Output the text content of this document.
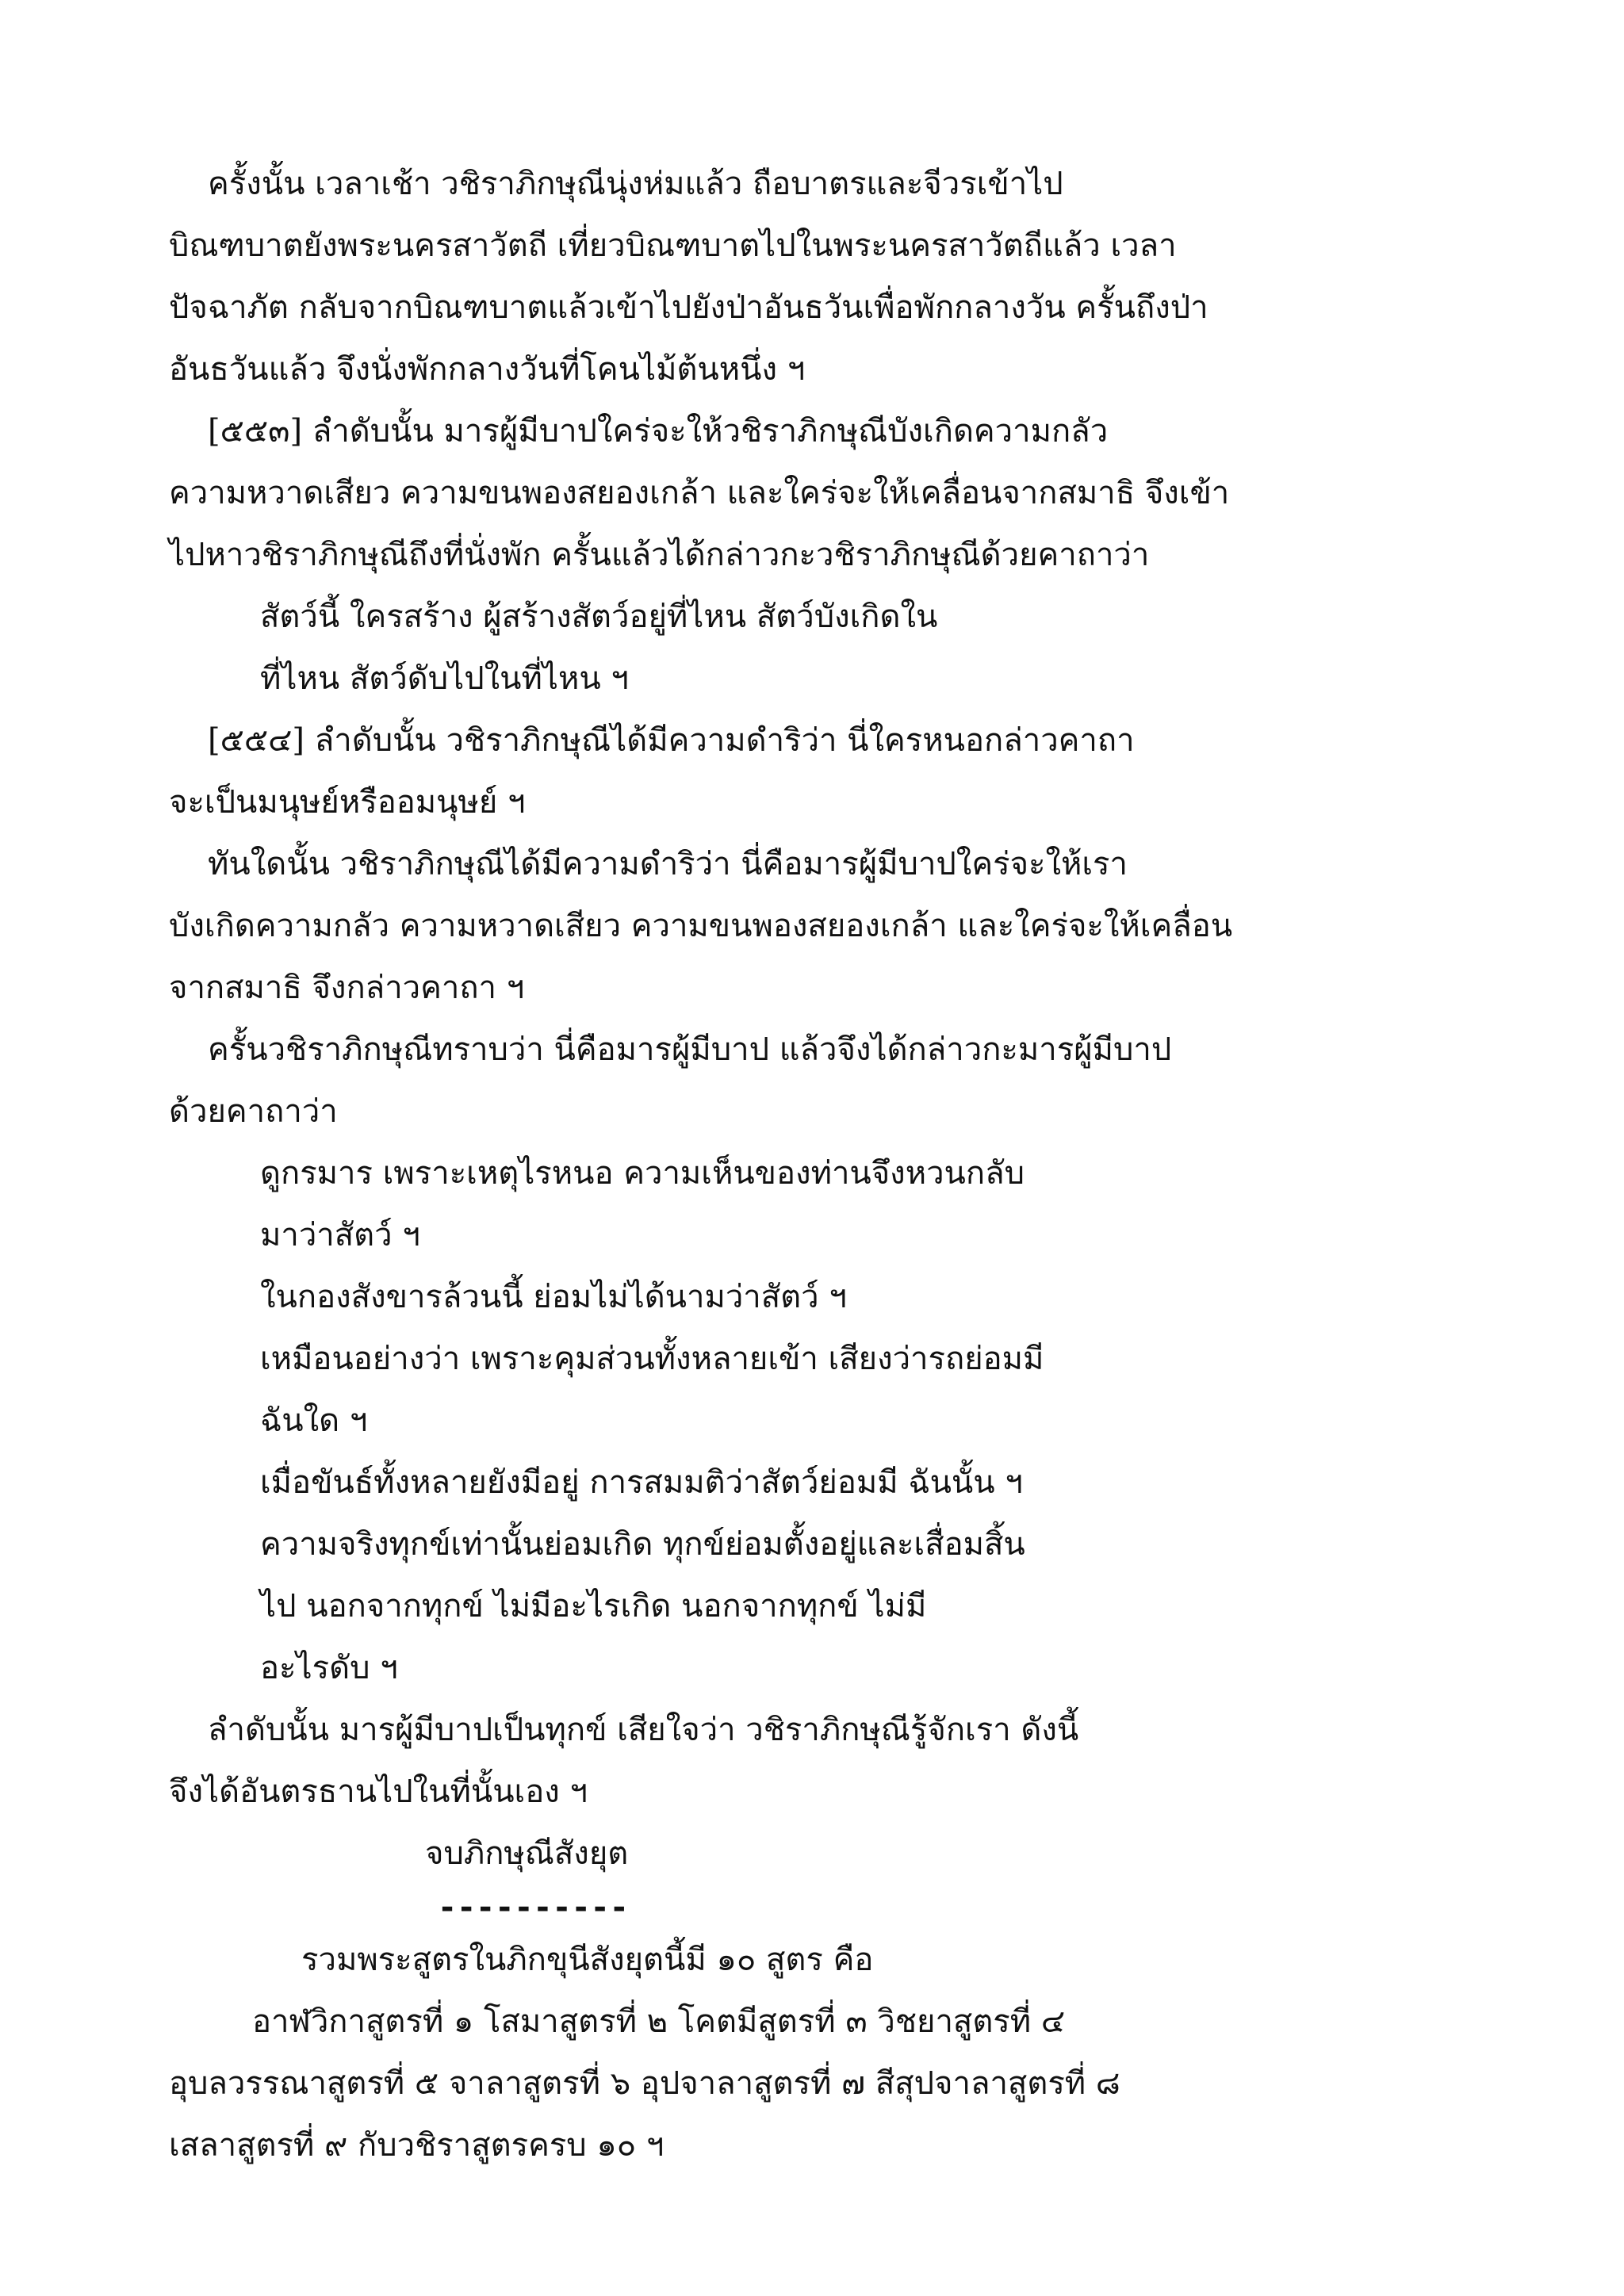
ครั้งนั้น เวลาเช้า วชิราภิกษุณีนุ่งห่มแล้ว ถือบาตรและจีวรเข้าไป
บิณฑบาตยังพระนครสาวัตถี เที่ยวบิณฑบาตไปในพระนครสาวัตถีแล้ว เวลา
ปัจฉาภัต กลับจากบิณฑบาตแล้วเข้าไปยังป่าอันธวันเพื่อพักกลางวัน ครั้นถึงป่า
อันธวันแล้ว จึงนั่งพักกลางวันที่โคนไม้ต้นหนึ่ง ฯ
[๕๕๓] ลำดับนั้น มารผู้มีบาปใคร่จะให้วชิราภิกษุณีบังเกิดความกลัว
ความหวาดเสียว ความขนพองสยองเกล้า และใคร่จะให้เคลื่อนจากสมาธิ จึงเข้า
ไปหาวชิราภิกษุณีถึงที่นั่งพัก ครั้นแล้วได้กล่าวกะวชิราภิกษุณีด้วยคาถาว่า
สัตว์นี้ ใครสร้าง ผู้สร้างสัตว์อยู่ที่ไหน สัตว์บังเกิดใน
ที่ไหน สัตว์ดับไปในที่ไหน ฯ
[๕๕๔] ลำดับนั้น วชิราภิกษุณีได้มีความดำริว่า นี่ใครหนอกล่าวคาถา
จะเป็นมนุษย์หรืออมนุษย์ ฯ
ทันใดนั้น วชิราภิกษุณีได้มีความดำริว่า นี่คือมารผู้มีบาปใคร่จะให้เรา
บังเกิดความกลัว ความหวาดเสียว ความขนพองสยองเกล้า และใคร่จะให้เคลื่อน
จากสมาธิ จึงกล่าวคาถา ฯ
ครั้นวชิราภิกษุณีทราบว่า นี่คือมารผู้มีบาป แล้วจึงได้กล่าวกะมารผู้มีบาป
ด้วยคาถาว่า
ดูกรมาร เพราะเหตุไรหนอ ความเห็นของท่านจึงหวนกลับ
มาว่าสัตว์ ฯ
ในกองสังขารล้วนนี้ ย่อมไม่ได้นามว่าสัตว์ ฯ
เหมือนอย่างว่า เพราะคุมส่วนทั้งหลายเข้า เสียงว่ารถย่อมมี
ฉันใด ฯ
เมื่อขันธ์ทั้งหลายยังมีอยู่ การสมมติว่าสัตว์ย่อมมี ฉันนั้น ฯ
ความจริงทุกข์เท่านั้นย่อมเกิด ทุกข์ย่อมตั้งอยู่และเสื่อมสิ้น
ไป นอกจากทุกข์ ไม่มีอะไรเกิด นอกจากทุกข์ ไม่มี
อะไรดับ ฯ
ลำดับนั้น มารผู้มีบาปเป็นทุกข์ เสียใจว่า วชิราภิกษุณีรู้จักเรา ดังนี้
จึงได้อันตรธานไปในที่นั้นเอง ฯ
จบภิกษุณีสังยุต
----------
รวมพระสูตรในภิกขุนีสังยุตนี้มี ๑๐ สูตร คือ
อาฬวิกาสูตรที่ ๑ โสมาสูตรที่ ๒ โคตมีสูตรที่ ๓ วิชยาสูตรที่ ๔
อุบลวรรณาสูตรที่ ๕ จาลาสูตรที่ ๖ อุปจาลาสูตรที่ ๗ สีสุปจาลาสูตรที่ ๘
เสลาสูตรที่ ๙ กับวชิราสูตรครบ ๑๐ ฯ
